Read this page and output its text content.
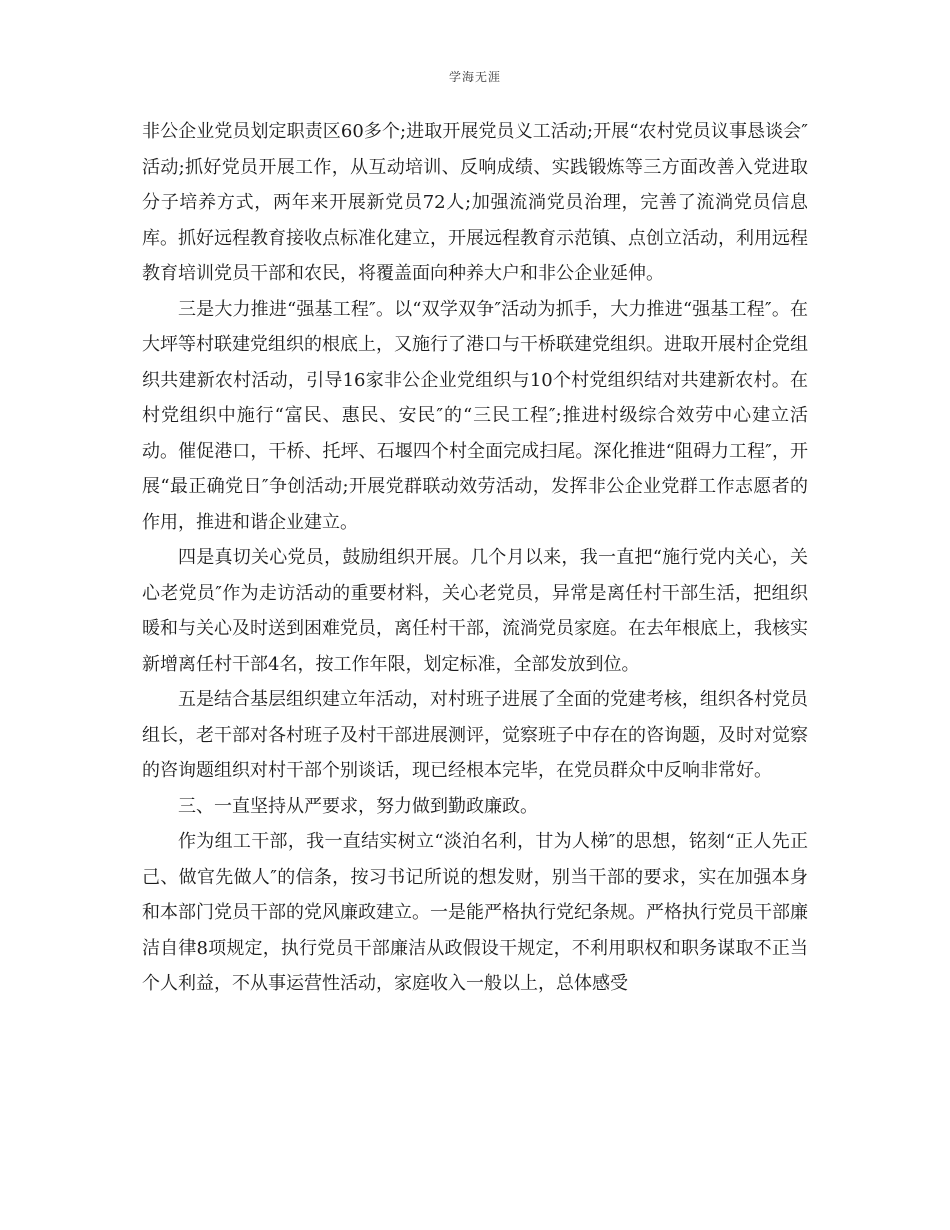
学海无涯

非公企业党员划定职责区60多个;进取开展党员义工活动;开展“农村党员议事恳谈会″活动;抓好党员开展工作，从互动培训、反响成绩、实践锻炼等三方面改善入党进取分子培养方式，两年来开展新党员72人;加强流淌党员治理，完善了流淌党员信息库。抓好远程教育接收点标准化建立，开展远程教育示范镇、点创立活动，利用远程教育培训党员干部和农民，将覆盖面向种养大户和非公企业延伸。

三是大力推进“强基工程″。以“双学双争″活动为抓手，大力推进“强基工程″。在大坪等村联建党组织的根底上，又施行了港口与干桥联建党组织。进取开展村企党组织共建新农村活动，引导16家非公企业党组织与10个村党组织结对共建新农村。在村党组织中施行“富民、惠民、安民″的“三民工程″;推进村级综合效劳中心建立活动。催促港口，干桥、托坪、石堰四个村全面完成扫尾。深化推进“阻碍力工程″，开展“最正确党日″争创活动;开展党群联动效劳活动，发挥非公企业党群工作志愿者的作用，推进和谐企业建立。

四是真切关心党员，鼓励组织开展。几个月以来，我一直把“施行党内关心，关心老党员″作为走访活动的重要材料，关心老党员，异常是离任村干部生活，把组织暖和与关心及时送到困难党员，离任村干部，流淌党员家庭。在去年根底上，我核实新增离任村干部4名，按工作年限，划定标准，全部发放到位。

五是结合基层组织建立年活动，对村班子进展了全面的党建考核，组织各村党员组长，老干部对各村班子及村干部进展测评，觉察班子中存在的咨询题，及时对觉察的咨询题组织对村干部个别谈话，现已经根本完毕，在党员群众中反响非常好。

三、一直坚持从严要求，努力做到勤政廉政。

作为组工干部，我一直结实树立“淡泊名利，甘为人梯″的思想，铭刻“正人先正己、做官先做人″的信条，按习书记所说的想发财，别当干部的要求，实在加强本身和本部门党员干部的党风廉政建立。一是能严格执行党纪条规。严格执行党员干部廉洁自律8项规定，执行党员干部廉洁从政假设干规定，不利用职权和职务谋取不正当个人利益，不从事运营性活动，家庭收入一般以上，总体感受
